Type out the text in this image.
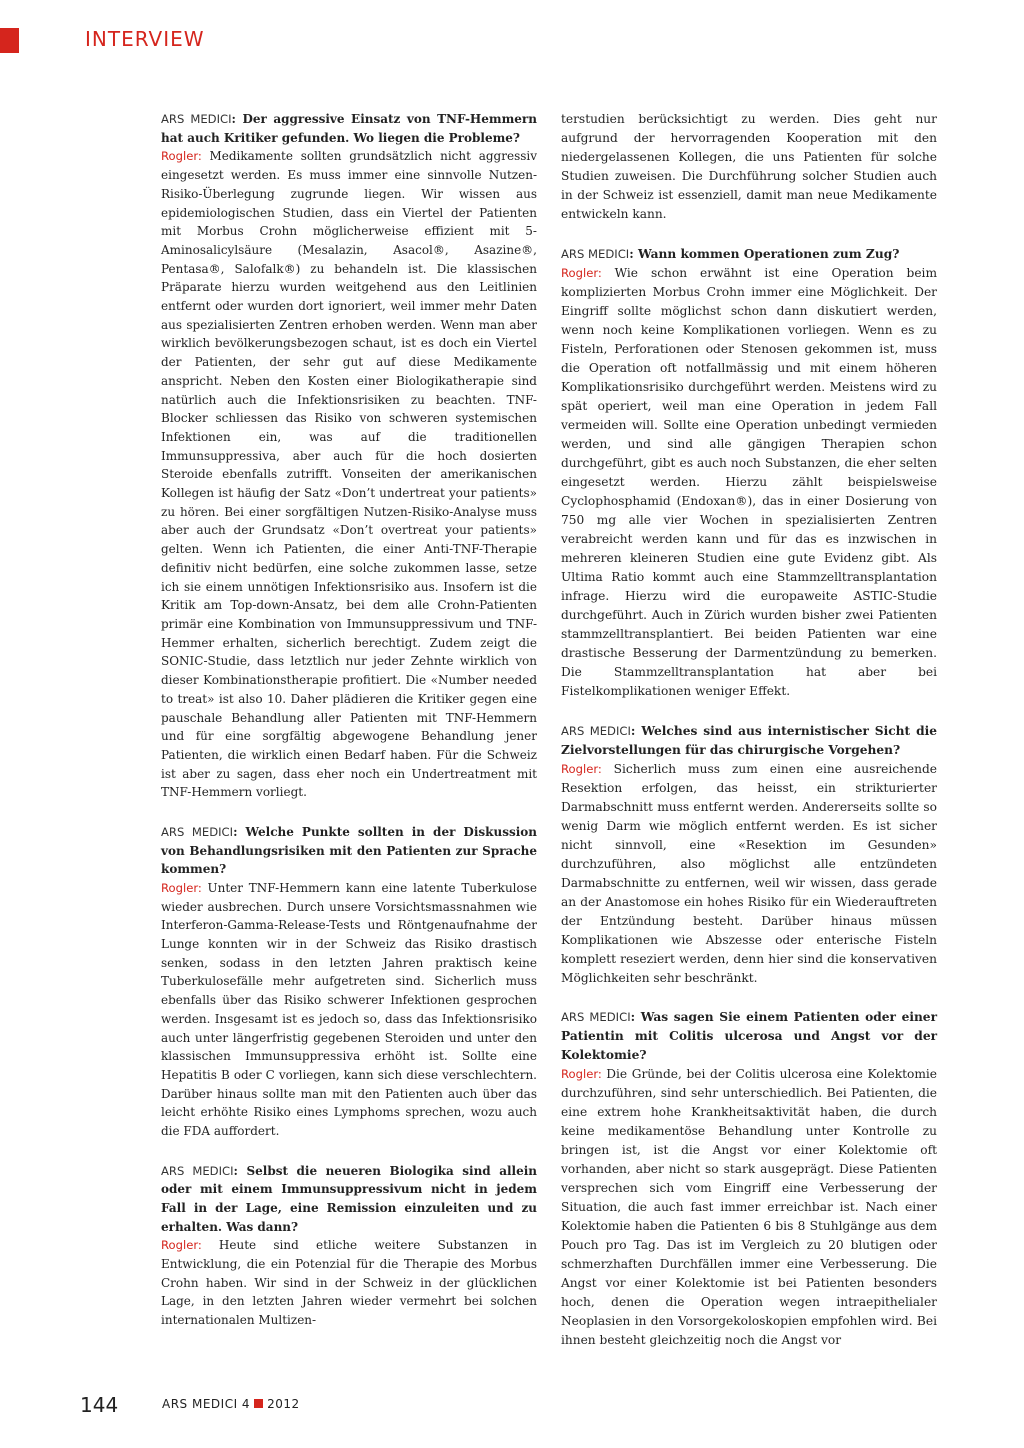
INTERVIEW

ARS MEDICI: Der aggressive Einsatz von TNF-Hemmern hat auch Kritiker gefunden. Wo liegen die Probleme?

Rogler: Medikamente sollten grundsätzlich nicht aggressiv eingesetzt werden. Es muss immer eine sinnvolle Nutzen-Risiko-Überlegung zugrunde liegen. Wir wissen aus epidemiologischen Studien, dass ein Viertel der Patienten mit Morbus Crohn möglicherweise effizient mit 5-Aminosalicylsäure (Mesalazin, Asacol®, Asazine®, Pentasa®, Salofalk®) zu behandeln ist. Die klassischen Präparate hierzu wurden weitgehend aus den Leitlinien entfernt oder wurden dort ignoriert, weil immer mehr Daten aus spezialisierten Zentren erhoben werden. Wenn man aber wirklich bevölkerungsbezogen schaut, ist es doch ein Viertel der Patienten, der sehr gut auf diese Medikamente anspricht. Neben den Kosten einer Biologikatherapie sind natürlich auch die Infektionsrisiken zu beachten. TNF-Blocker schliessen das Risiko von schweren systemischen Infektionen ein, was auf die traditionellen Immunsuppressiva, aber auch für die hoch dosierten Steroide ebenfalls zutrifft. Vonseiten der amerikanischen Kollegen ist häufig der Satz «Don’t undertreat your patients» zu hören. Bei einer sorgfältigen Nutzen-Risiko-Analyse muss aber auch der Grundsatz «Don’t overtreat your patients» gelten. Wenn ich Patienten, die einer Anti-TNF-Therapie definitiv nicht bedürfen, eine solche zukommen lasse, setze ich sie einem unnötigen Infektionsrisiko aus. Insofern ist die Kritik am Top-down-Ansatz, bei dem alle Crohn-Patienten primär eine Kombination von Immunsuppressivum und TNF-Hemmer erhalten, sicherlich berechtigt. Zudem zeigt die SONIC-Studie, dass letztlich nur jeder Zehnte wirklich von dieser Kombinationstherapie profitiert. Die «Number needed to treat» ist also 10. Daher plädieren die Kritiker gegen eine pauschale Behandlung aller Patienten mit TNF-Hemmern und für eine sorgfältig abgewogene Behandlung jener Patienten, die wirklich einen Bedarf haben. Für die Schweiz ist aber zu sagen, dass eher noch ein Undertreatment mit TNF-Hemmern vorliegt.

ARS MEDICI: Welche Punkte sollten in der Diskussion von Behandlungsrisiken mit den Patienten zur Sprache kommen?

Rogler: Unter TNF-Hemmern kann eine latente Tuberkulose wieder ausbrechen. Durch unsere Vorsichtsmassnahmen wie Interferon-Gamma-Release-Tests und Röntgenaufnahme der Lunge konnten wir in der Schweiz das Risiko drastisch senken, sodass in den letzten Jahren praktisch keine Tuberkulosefälle mehr aufgetreten sind. Sicherlich muss ebenfalls über das Risiko schwerer Infektionen gesprochen werden. Insgesamt ist es jedoch so, dass das Infektionsrisiko auch unter längerfristig gegebenen Steroiden und unter den klassischen Immunsuppressiva erhöht ist. Sollte eine Hepatitis B oder C vorliegen, kann sich diese verschlechtern. Darüber hinaus sollte man mit den Patienten auch über das leicht erhöhte Risiko eines Lymphoms sprechen, wozu auch die FDA auffordert.

ARS MEDICI: Selbst die neueren Biologika sind allein oder mit einem Immunsuppressivum nicht in jedem Fall in der Lage, eine Remission einzuleiten und zu erhalten. Was dann?

Rogler: Heute sind etliche weitere Substanzen in Entwicklung, die ein Potenzial für die Therapie des Morbus Crohn haben. Wir sind in der Schweiz in der glücklichen Lage, in den letzten Jahren wieder vermehrt bei solchen internationalen Multizen-

terstudien berücksichtigt zu werden. Dies geht nur aufgrund der hervorragenden Kooperation mit den niedergelassenen Kollegen, die uns Patienten für solche Studien zuweisen. Die Durchführung solcher Studien auch in der Schweiz ist essenziell, damit man neue Medikamente entwickeln kann.

ARS MEDICI: Wann kommen Operationen zum Zug?

Rogler: Wie schon erwähnt ist eine Operation beim komplizierten Morbus Crohn immer eine Möglichkeit. Der Eingriff sollte möglichst schon dann diskutiert werden, wenn noch keine Komplikationen vorliegen. Wenn es zu Fisteln, Perforationen oder Stenosen gekommen ist, muss die Operation oft notfallmässig und mit einem höheren Komplikationsrisiko durchgeführt werden. Meistens wird zu spät operiert, weil man eine Operation in jedem Fall vermeiden will. Sollte eine Operation unbedingt vermieden werden, und sind alle gängigen Therapien schon durchgeführt, gibt es auch noch Substanzen, die eher selten eingesetzt werden. Hierzu zählt beispielsweise Cyclophosphamid (Endoxan®), das in einer Dosierung von 750 mg alle vier Wochen in spezialisierten Zentren verabreicht werden kann und für das es inzwischen in mehreren kleineren Studien eine gute Evidenz gibt. Als Ultima Ratio kommt auch eine Stammzelltransplantation infrage. Hierzu wird die europaweite ASTIC-Studie durchgeführt. Auch in Zürich wurden bisher zwei Patienten stammzelltransplantiert. Bei beiden Patienten war eine drastische Besserung der Darmentzündung zu bemerken. Die Stammzelltransplantation hat aber bei Fistelkomplikationen weniger Effekt.

ARS MEDICI: Welches sind aus internistischer Sicht die Zielvorstellungen für das chirurgische Vorgehen?

Rogler: Sicherlich muss zum einen eine ausreichende Resektion erfolgen, das heisst, ein strikturierter Darmabschnitt muss entfernt werden. Andererseits sollte so wenig Darm wie möglich entfernt werden. Es ist sicher nicht sinnvoll, eine «Resektion im Gesunden» durchzuführen, also möglichst alle entzündeten Darmabschnitte zu entfernen, weil wir wissen, dass gerade an der Anastomose ein hohes Risiko für ein Wiederauftreten der Entzündung besteht. Darüber hinaus müssen Komplikationen wie Abszesse oder enterische Fisteln komplett reseziert werden, denn hier sind die konservativen Möglichkeiten sehr beschränkt.

ARS MEDICI: Was sagen Sie einem Patienten oder einer Patientin mit Colitis ulcerosa und Angst vor der Kolektomie?

Rogler: Die Gründe, bei der Colitis ulcerosa eine Kolektomie durchzuführen, sind sehr unterschiedlich. Bei Patienten, die eine extrem hohe Krankheitsaktivität haben, die durch keine medikamentöse Behandlung unter Kontrolle zu bringen ist, ist die Angst vor einer Kolektomie oft vorhanden, aber nicht so stark ausgeprägt. Diese Patienten versprechen sich vom Eingriff eine Verbesserung der Situation, die auch fast immer erreichbar ist. Nach einer Kolektomie haben die Patienten 6 bis 8 Stuhlgänge aus dem Pouch pro Tag. Das ist im Vergleich zu 20 blutigen oder schmerzhaften Durchfällen immer eine Verbesserung. Die Angst vor einer Kolektomie ist bei Patienten besonders hoch, denen die Operation wegen intraepithelialer Neoplasien in den Vorsorgekoloskopien empfohlen wird. Bei ihnen besteht gleichzeitig noch die Angst vor

144	ARS MEDICI 4 2012
